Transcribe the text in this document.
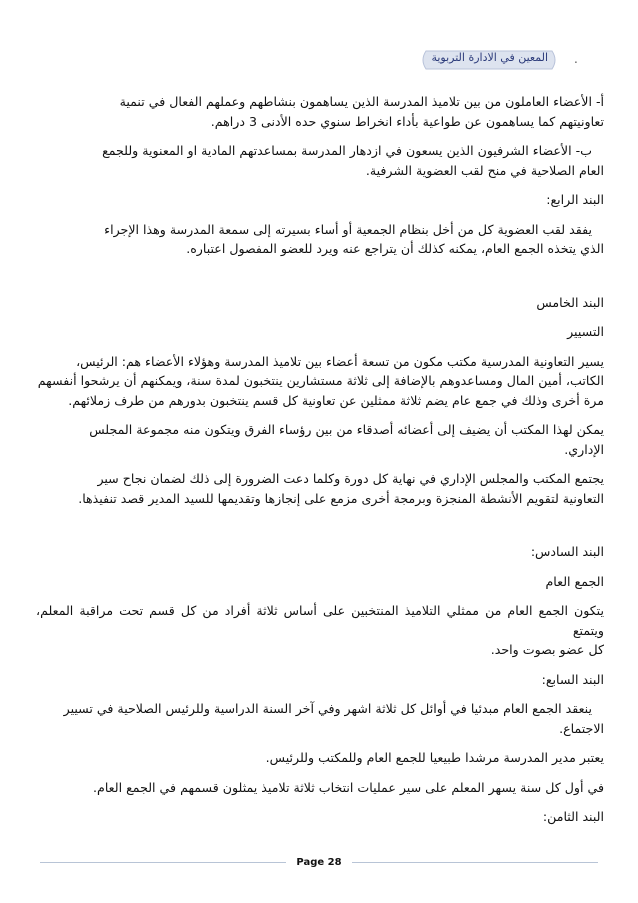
المعين في الادارة التربوية .

أ- الأعضاء العاملون من بين تلاميذ المدرسة الذين يساهمون بنشاطهم وعملهم الفعال في تنمية

تعاونيتهم كما يساهمون عن طواعية بأداء انخراط سنوي حده الأدنى 3 دراهم.

ب- الأعضاء الشرفيون الذين يسعون في ازدهار المدرسة بمساعدتهم المادية او المعنوية وللجمع

العام الصلاحية في منح لقب العضوية الشرفية.

البند الرابع:

يفقد لقب العضوية كل من أخل بنظام الجمعية أو أساء بسيرته إلى سمعة المدرسة وهذا الإجراء

الذي يتخذه الجمع العام، يمكنه كذلك أن يتراجع عنه ويرد للعضو المفصول اعتباره.

البند الخامس

التسيير

يسير التعاونية المدرسية مكتب مكون من تسعة أعضاء بين تلاميذ المدرسة وهؤلاء الأعضاء هم: الرئيس،

الكاتب، أمين المال ومساعدوهم بالإضافة إلى ثلاثة مستشارين ينتخبون لمدة سنة، ويمكنهم أن يرشحوا أنفسهم

مرة أخرى وذلك في جمع عام يضم ثلاثة ممثلين عن تعاونية كل قسم ينتخبون بدورهم من طرف زملائهم.

يمكن لهذا المكتب أن يضيف إلى أعضائه أصدقاء من بين رؤساء الفرق ويتكون منه مجموعة المجلس

الإداري.

يجتمع المكتب والمجلس الإداري في نهاية كل دورة وكلما دعت الضرورة إلى ذلك لضمان نجاح سير

التعاونية لتقويم الأنشطة المنجزة وبرمجة أخرى مزمع على إنجازها وتقديمها للسيد المدير قصد تنفيذها.

البند السادس:

الجمع العام

يتكون الجمع العام من ممثلي التلاميذ المنتخبين على أساس ثلاثة أفراد من كل قسم تحت مراقبة المعلم، ويتمتع

كل عضو بصوت واحد.

البند السابع:

ينعقد الجمع العام مبدئيا في أوائل كل ثلاثة اشهر وفي آخر السنة الدراسية وللرئيس الصلاحية في تسيير

الاجتماع.

يعتبر مدير المدرسة مرشدا طبيعيا للجمع العام وللمكتب وللرئيس.

في أول كل سنة يسهر المعلم على سير عمليات انتخاب ثلاثة تلاميذ يمثلون قسمهم في الجمع العام.

البند الثامن:

Page 28
